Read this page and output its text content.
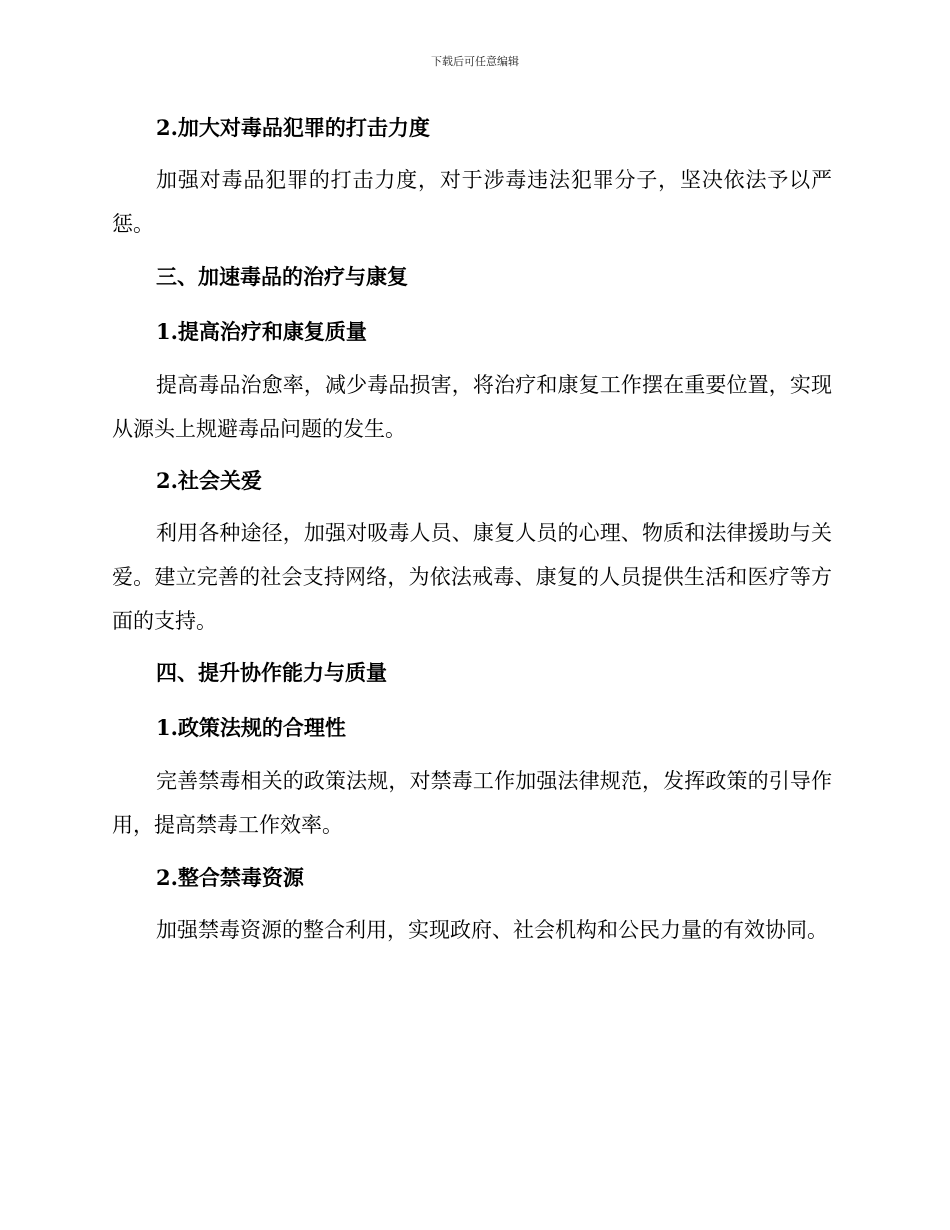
下载后可任意编辑

2.加大对毒品犯罪的打击力度

加强对毒品犯罪的打击力度，对于涉毒违法犯罪分子，坚决依法予以严惩。

三、加速毒品的治疗与康复

1.提高治疗和康复质量

提高毒品治愈率，减少毒品损害，将治疗和康复工作摆在重要位置，实现从源头上规避毒品问题的发生。

2.社会关爱

利用各种途径，加强对吸毒人员、康复人员的心理、物质和法律援助与关爱。建立完善的社会支持网络，为依法戒毒、康复的人员提供生活和医疗等方面的支持。

四、提升协作能力与质量

1.政策法规的合理性

完善禁毒相关的政策法规，对禁毒工作加强法律规范，发挥政策的引导作用，提高禁毒工作效率。

2.整合禁毒资源

加强禁毒资源的整合利用，实现政府、社会机构和公民力量的有效协同。
